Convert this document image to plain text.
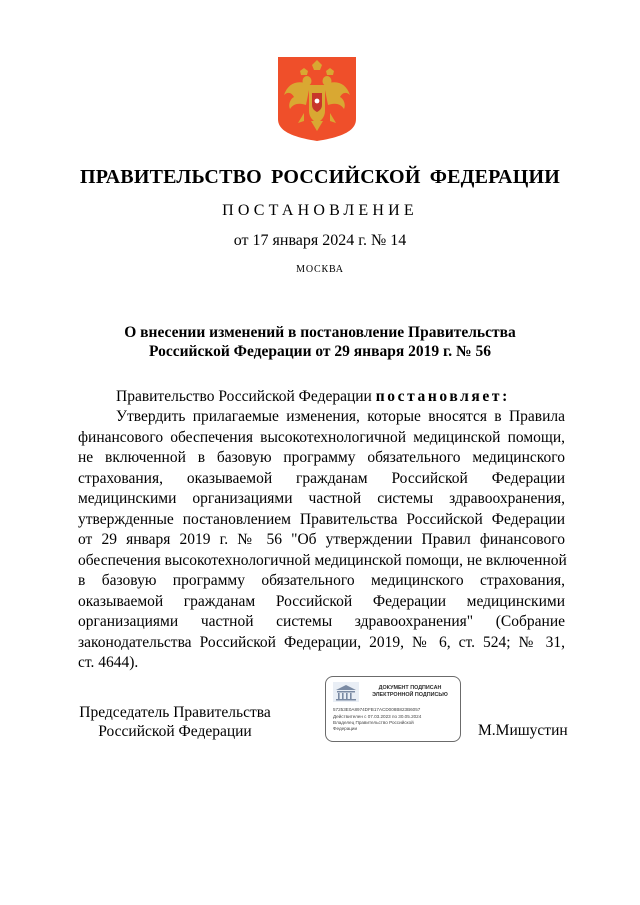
ПРАВИТЕЛЬСТВО РОССИЙСКОЙ ФЕДЕРАЦИИ
ПОСТАНОВЛЕНИЕ
от 17 января 2024 г. № 14
МОСКВА
О внесении изменений в постановление Правительства
Российской Федерации от 29 января 2019 г. № 56
Правительство Российской Федерации постановляет:
Утвердить прилагаемые изменения, которые вносятся в Правила
финансового обеспечения высокотехнологичной медицинской помощи,
не включенной в базовую программу обязательного медицинского
страхования, оказываемой гражданам Российской Федерации
медицинскими организациями частной системы здравоохранения,
утвержденные постановлением Правительства Российской Федерации
от 29 января 2019 г. № 56 "Об утверждении Правил финансового
обеспечения высокотехнологичной медицинской помощи, не включенной
в базовую программу обязательного медицинского страхования,
оказываемой гражданам Российской Федерации медицинскими
организациями частной системы здравоохранения" (Собрание
законодательства Российской Федерации, 2019, № 6, ст. 524; № 31,
ст. 4644).
Председатель Правительства
Российской Федерации
ДОКУМЕНТ ПОДПИСАН
ЭЛЕКТРОННОЙ ПОДПИСЬЮ
57253E0A8974DFB17ACD008B823B6057
Действителен с 07.03.2023 по 30.05.2024
Владелец Правительство Российской
Федерации	М.Мишустин
